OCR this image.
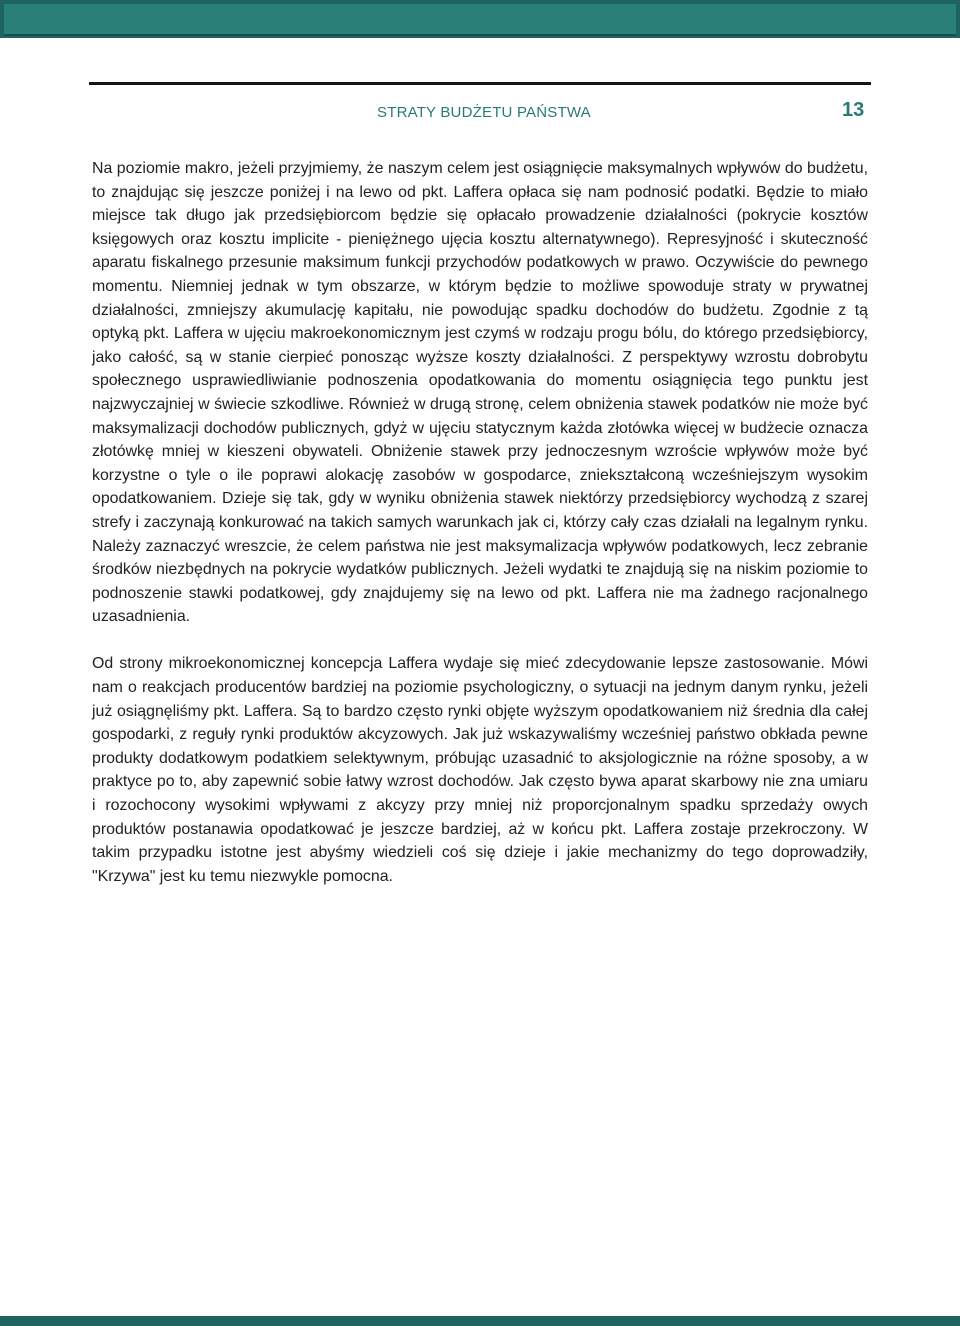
STRATY BUDŻETU PAŃSTWA	13

Na poziomie makro, jeżeli przyjmiemy, że naszym celem jest osiągnięcie maksymalnych wpływów do budżetu, to znajdując się jeszcze poniżej i na lewo od pkt. Laffera opłaca się nam podnosić podatki. Będzie to miało miejsce tak długo jak przedsiębiorcom będzie się opłacało prowadzenie działalności (pokrycie kosztów księgowych oraz kosztu implicite - pieniężnego ujęcia kosztu alternatywnego). Represyjność i skuteczność aparatu fiskalnego przesunie maksimum funkcji przychodów podatkowych w prawo. Oczywiście do pewnego momentu. Niemniej jednak w tym obszarze, w którym będzie to możliwe spowoduje straty w prywatnej działalności, zmniejszy akumulację kapitału, nie powodując spadku dochodów do budżetu. Zgodnie z tą optyką pkt. Laffera w ujęciu makroekonomicznym jest czymś w rodzaju progu bólu, do którego przedsiębiorcy, jako całość, są w stanie cierpieć ponosząc wyższe koszty działalności. Z perspektywy wzrostu dobrobytu społecznego usprawiedliwianie podnoszenia opodatkowania do momentu osiągnięcia tego punktu jest najzwyczajniej w świecie szkodliwe. Również w drugą stronę, celem obniżenia stawek podatków nie może być maksymalizacji dochodów publicznych, gdyż w ujęciu statycznym każda złotówka więcej w budżecie oznacza złotówkę mniej w kieszeni obywateli. Obniżenie stawek przy jednoczesnym wzroście wpływów może być korzystne o tyle o ile poprawi alokację zasobów w gospodarce, zniekształconą wcześniejszym wysokim opodatkowaniem. Dzieje się tak, gdy w wyniku obniżenia stawek niektórzy przedsiębiorcy wychodzą z szarej strefy i zaczynają konkurować na takich samych warunkach jak ci, którzy cały czas działali na legalnym rynku. Należy zaznaczyć wreszcie, że celem państwa nie jest maksymalizacja wpływów podatkowych, lecz zebranie środków niezbędnych na pokrycie wydatków publicznych. Jeżeli wydatki te znajdują się na niskim poziomie to podnoszenie stawki podatkowej, gdy znajdujemy się na lewo od pkt. Laffera nie ma żadnego racjonalnego uzasadnienia.

Od strony mikroekonomicznej koncepcja Laffera wydaje się mieć zdecydowanie lepsze zastosowanie. Mówi nam o reakcjach producentów bardziej na poziomie psychologiczny, o sytuacji na jednym danym rynku, jeżeli już osiągnęliśmy pkt. Laffera. Są to bardzo często rynki objęte wyższym opodatkowaniem niż średnia dla całej gospodarki, z reguły rynki produktów akcyzowych. Jak już wskazywaliśmy wcześniej państwo obkłada pewne produkty dodatkowym podatkiem selektywnym, próbując uzasadnić to aksjologicznie na różne sposoby, a w praktyce po to, aby zapewnić sobie łatwy wzrost dochodów. Jak często bywa aparat skarbowy nie zna umiaru i rozochocony wysokimi wpływami z akcyzy przy mniej niż proporcjonalnym spadku sprzedaży owych produktów postanawia opodatkować je jeszcze bardziej, aż w końcu pkt. Laffera zostaje przekroczony. W takim przypadku istotne jest abyśmy wiedzieli coś się dzieje i jakie mechanizmy do tego doprowadziły, "Krzywa" jest ku temu niezwykle pomocna.
